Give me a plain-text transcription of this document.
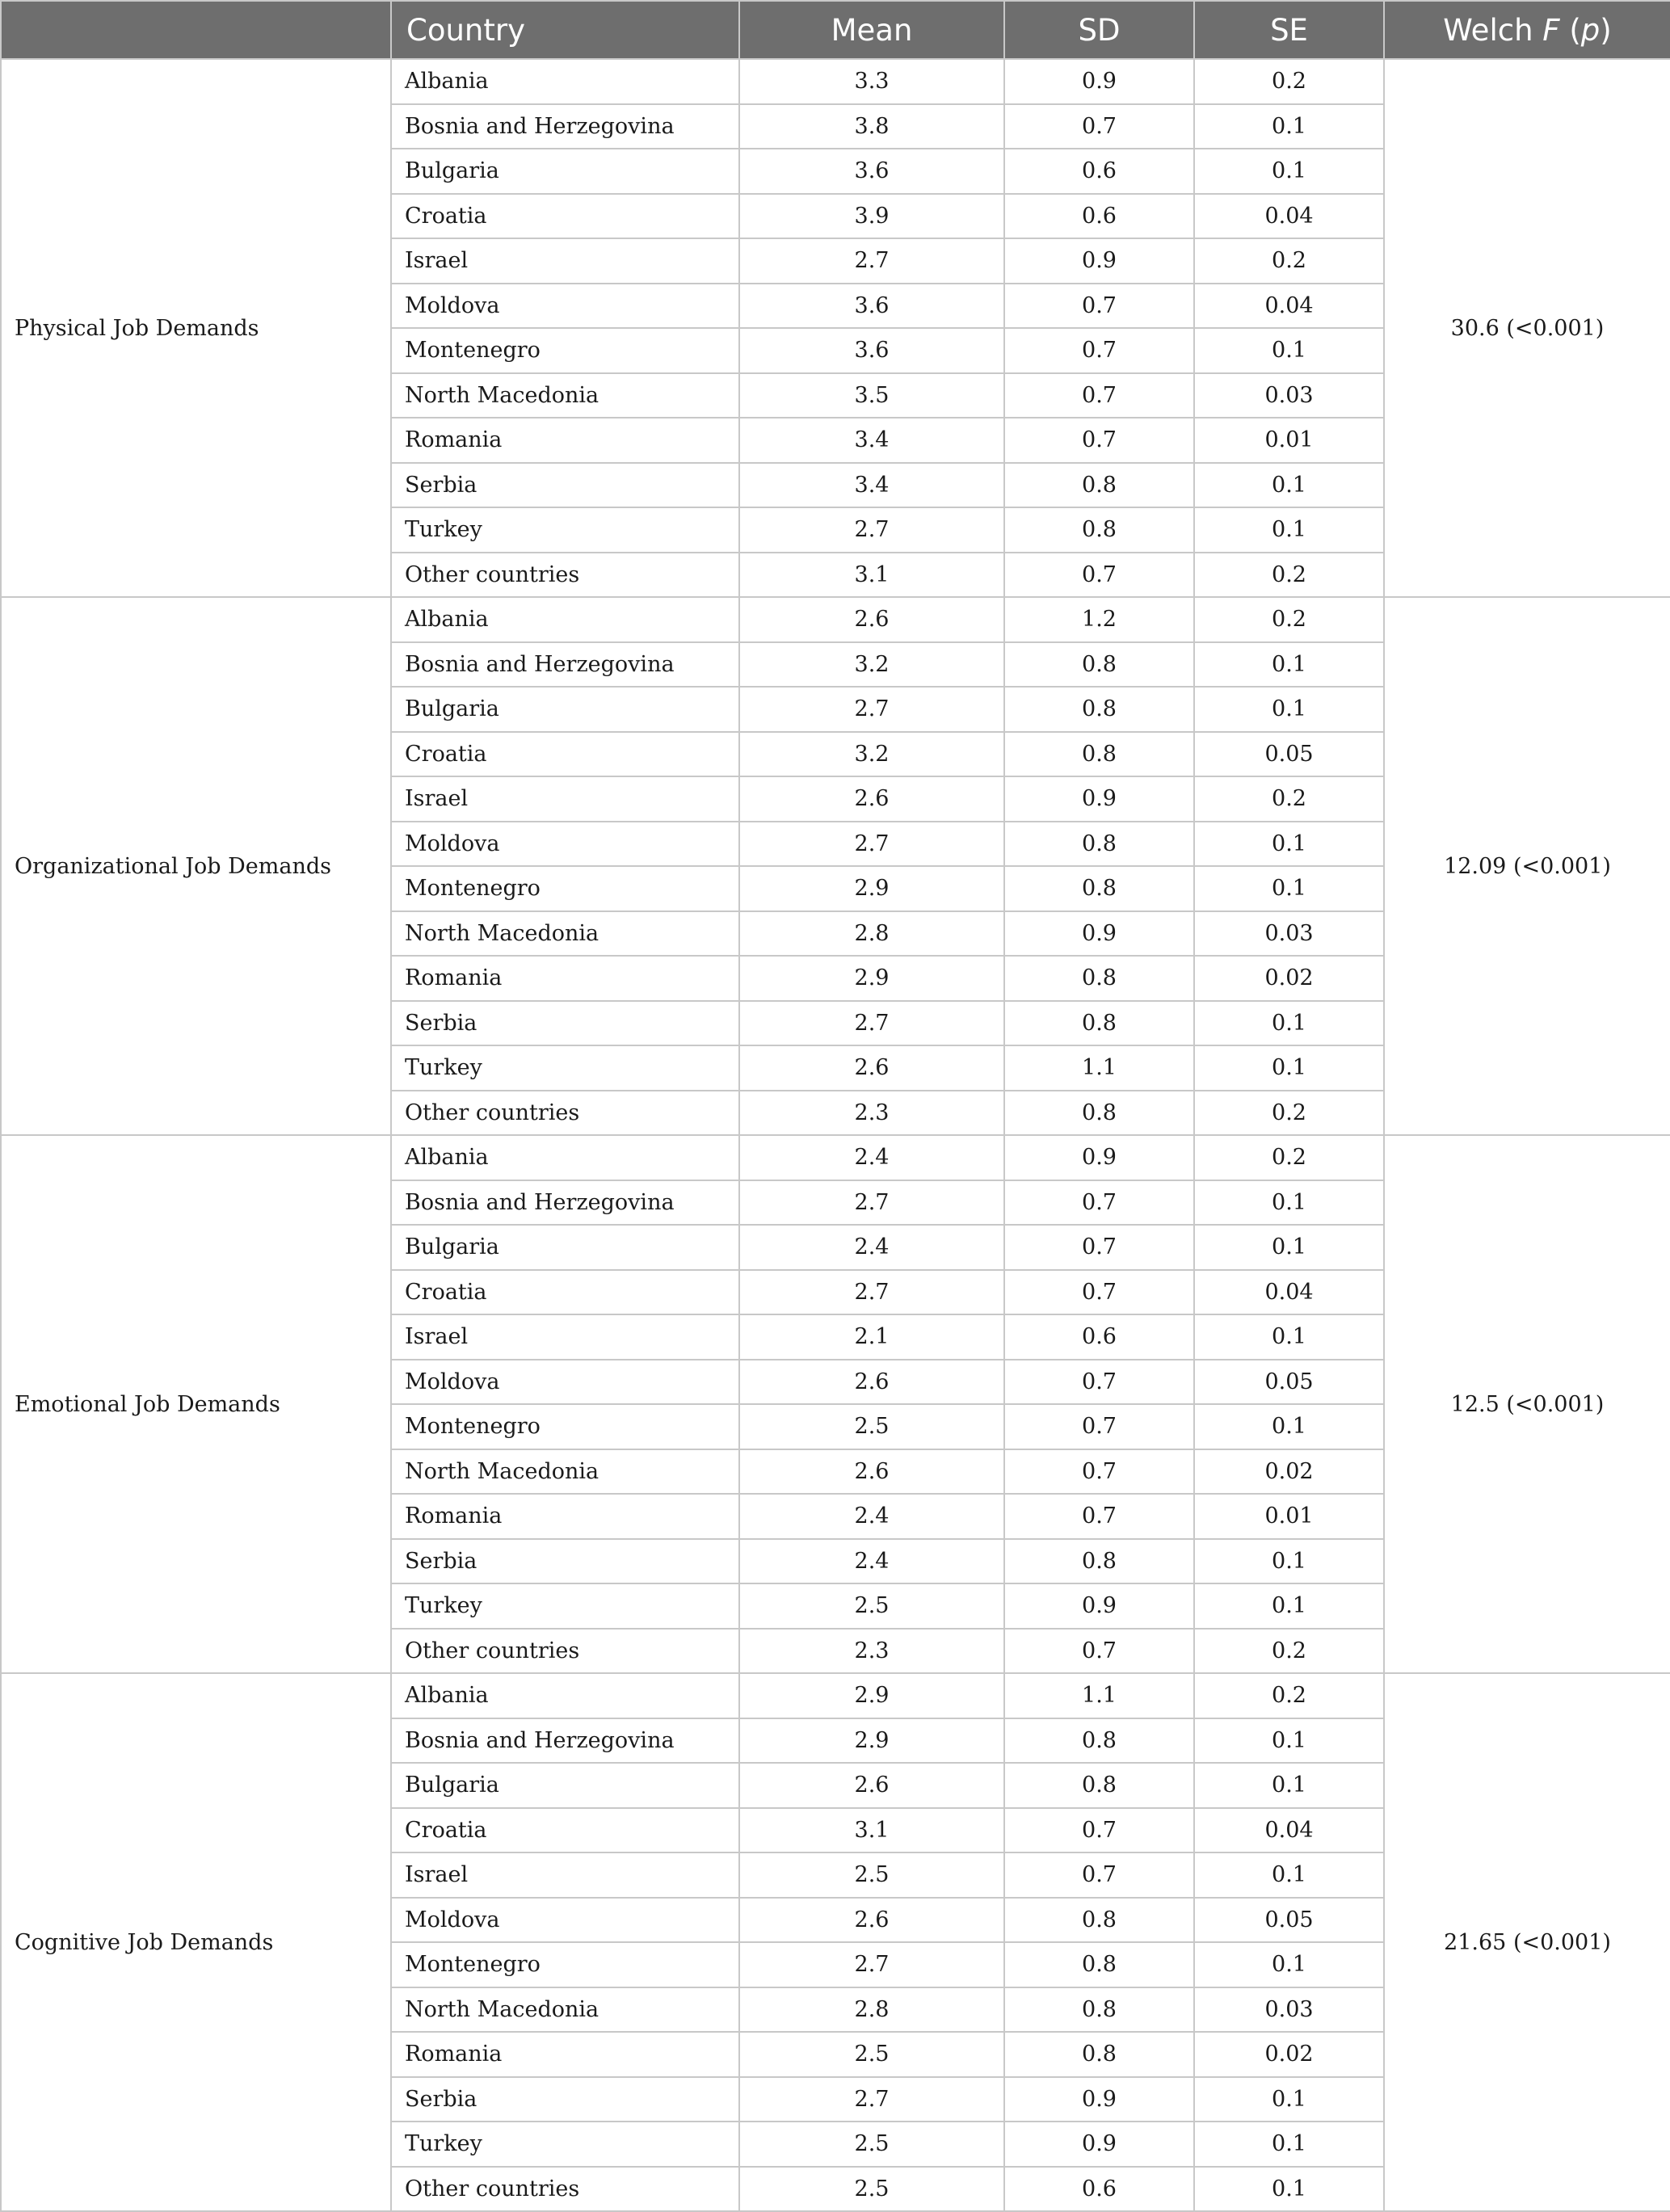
	Country	Mean	SD	SE	Welch F (p)
Physical Job Demands	Albania	3.3	0.9	0.2	30.6 (<0.001)
	Bosnia and Herzegovina	3.8	0.7	0.1	
	Bulgaria	3.6	0.6	0.1	
	Croatia	3.9	0.6	0.04	
	Israel	2.7	0.9	0.2	
	Moldova	3.6	0.7	0.04	
	Montenegro	3.6	0.7	0.1	
	North Macedonia	3.5	0.7	0.03	
	Romania	3.4	0.7	0.01	
	Serbia	3.4	0.8	0.1	
	Turkey	2.7	0.8	0.1	
	Other countries	3.1	0.7	0.2	
Organizational Job Demands	Albania	2.6	1.2	0.2	12.09 (<0.001)
	Bosnia and Herzegovina	3.2	0.8	0.1	
	Bulgaria	2.7	0.8	0.1	
	Croatia	3.2	0.8	0.05	
	Israel	2.6	0.9	0.2	
	Moldova	2.7	0.8	0.1	
	Montenegro	2.9	0.8	0.1	
	North Macedonia	2.8	0.9	0.03	
	Romania	2.9	0.8	0.02	
	Serbia	2.7	0.8	0.1	
	Turkey	2.6	1.1	0.1	
	Other countries	2.3	0.8	0.2	
Emotional Job Demands	Albania	2.4	0.9	0.2	12.5 (<0.001)
	Bosnia and Herzegovina	2.7	0.7	0.1	
	Bulgaria	2.4	0.7	0.1	
	Croatia	2.7	0.7	0.04	
	Israel	2.1	0.6	0.1	
	Moldova	2.6	0.7	0.05	
	Montenegro	2.5	0.7	0.1	
	North Macedonia	2.6	0.7	0.02	
	Romania	2.4	0.7	0.01	
	Serbia	2.4	0.8	0.1	
	Turkey	2.5	0.9	0.1	
	Other countries	2.3	0.7	0.2	
Cognitive Job Demands	Albania	2.9	1.1	0.2	21.65 (<0.001)
	Bosnia and Herzegovina	2.9	0.8	0.1	
	Bulgaria	2.6	0.8	0.1	
	Croatia	3.1	0.7	0.04	
	Israel	2.5	0.7	0.1	
	Moldova	2.6	0.8	0.05	
	Montenegro	2.7	0.8	0.1	
	North Macedonia	2.8	0.8	0.03	
	Romania	2.5	0.8	0.02	
	Serbia	2.7	0.9	0.1	
	Turkey	2.5	0.9	0.1	
	Other countries	2.5	0.6	0.1	
